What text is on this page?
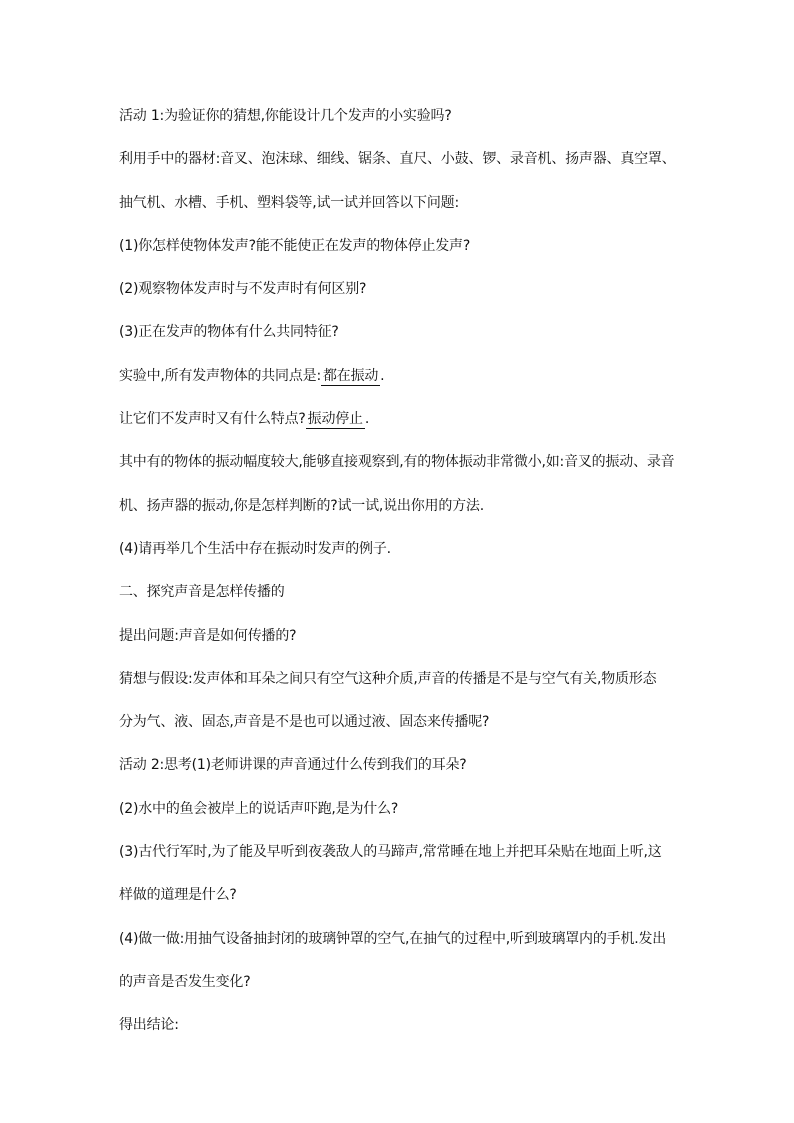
活动 1:为验证你的猜想,你能设计几个发声的小实验吗?
利用手中的器材:音叉、泡沫球、细线、锯条、直尺、小鼓、锣、录音机、扬声器、真空罩、
抽气机、水槽、手机、塑料袋等,试一试并回答以下问题:
(1)你怎样使物体发声?能不能使正在发声的物体停止发声?
(2)观察物体发声时与不发声时有何区别?
(3)正在发声的物体有什么共同特征?
实验中,所有发声物体的共同点是:都在振动.
让它们不发声时又有什么特点?振动停止.
其中有的物体的振动幅度较大,能够直接观察到,有的物体振动非常微小,如:音叉的振动、录音
机、扬声器的振动,你是怎样判断的?试一试,说出你用的方法.
(4)请再举几个生活中存在振动时发声的例子.
二、探究声音是怎样传播的
提出问题:声音是如何传播的?
猜想与假设:发声体和耳朵之间只有空气这种介质,声音的传播是不是与空气有关,物质形态
分为气、液、固态,声音是不是也可以通过液、固态来传播呢?
活动 2:思考(1)老师讲课的声音通过什么传到我们的耳朵?
(2)水中的鱼会被岸上的说话声吓跑,是为什么?
(3)古代行军时,为了能及早听到夜袭敌人的马蹄声,常常睡在地上并把耳朵贴在地面上听,这
样做的道理是什么?
(4)做一做:用抽气设备抽封闭的玻璃钟罩的空气,在抽气的过程中,听到玻璃罩内的手机.发出
的声音是否发生变化?
得出结论:
